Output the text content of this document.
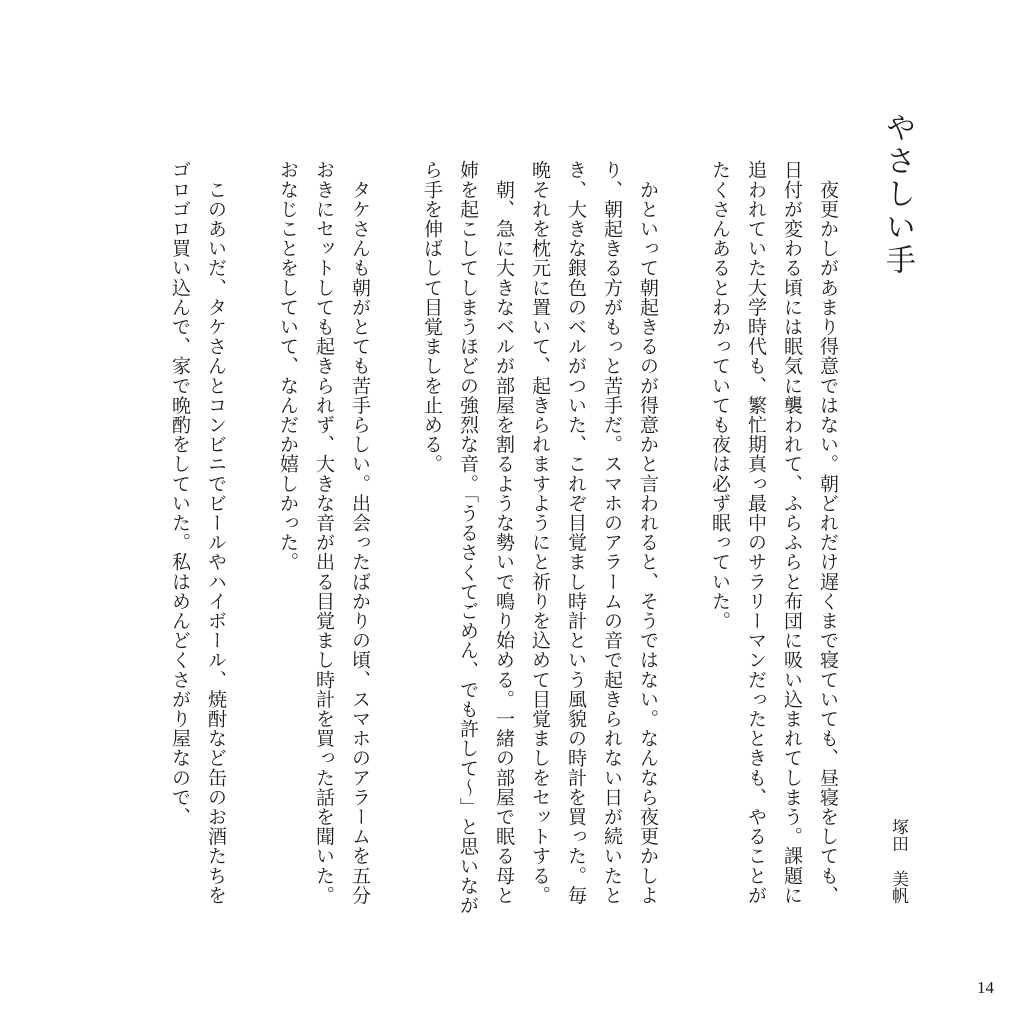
やさしい手
塚田美帆

　夜更かしがあまり得意ではない。朝どれだけ遅くまで寝ていても、昼寝をしても、日付が変わる頃には眠気に襲われて、ふらふらと布団に吸い込まれてしまう。課題に追われていた大学時代も、繁忙期真っ最中のサラリーマンだったときも、やることがたくさんあるとわかっていても夜は必ず眠っていた。

　かといって朝起きるのが得意かと言われると、そうではない。なんなら夜更かしより、朝起きる方がもっと苦手だ。スマホのアラームの音で起きられない日が続いたとき、大きな銀色のベルがついた、これぞ目覚まし時計という風貌の時計を買った。毎晩それを枕元に置いて、起きられますようにと祈りを込めて目覚ましをセットする。

　朝、急に大きなベルが部屋を割るような勢いで鳴り始める。一緒の部屋で眠る母と姉を起こしてしまうほどの強烈な音。「うるさくてごめん、でも許して〜」と思いながら手を伸ばして目覚ましを止める。

　タケさんも朝がとても苦手らしい。出会ったばかりの頃、スマホのアラームを五分おきにセットしても起きられず、大きな音が出る目覚まし時計を買った話を聞いた。おなじことをしていて、なんだか嬉しかった。

　このあいだ、タケさんとコンビニでビールやハイボール、焼酎など缶のお酒たちをゴロゴロ買い込んで、家で晩酌をしていた。私はめんどくさがり屋なので、

14
